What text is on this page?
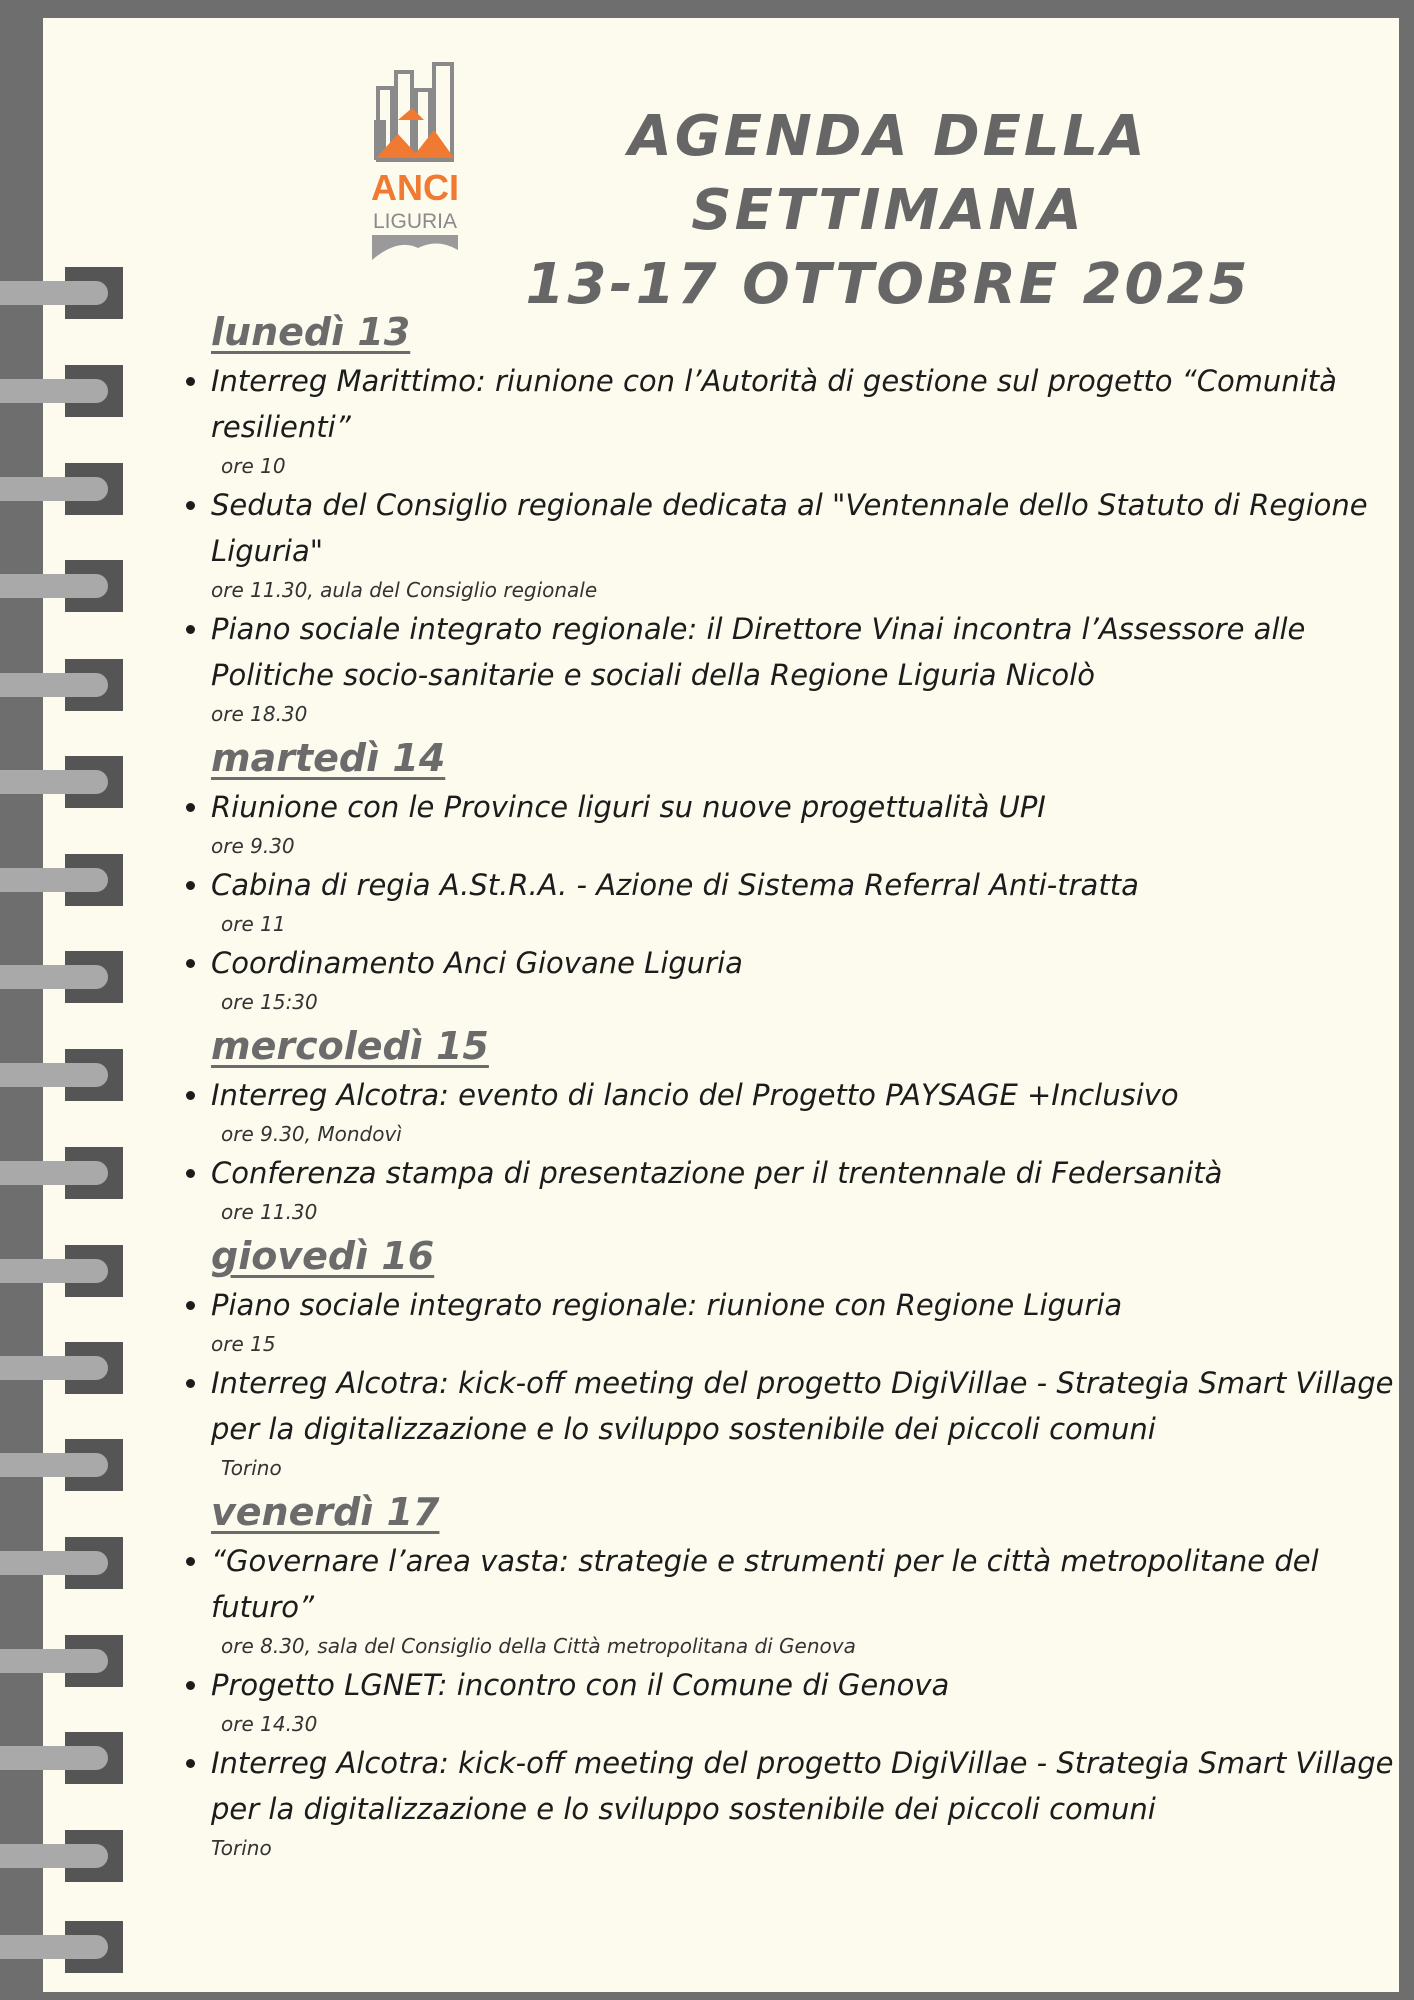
ANCI
LIGURIA
AGENDA DELLA SETTIMANA
13-17 OTTOBRE 2025
lunedì 13
• Interreg Marittimo: riunione con l’Autorità di gestione sul progetto “Comunità resilienti”
ore 10
• Seduta del Consiglio regionale dedicata al "Ventennale dello Statuto di Regione Liguria"
ore 11.30, aula del Consiglio regionale
• Piano sociale integrato regionale: il Direttore Vinai incontra l’Assessore alle Politiche socio-sanitarie e sociali della Regione Liguria Nicolò
ore 18.30
martedì 14
• Riunione con le Province liguri su nuove progettualità UPI
ore 9.30
• Cabina di regia A.St.R.A. - Azione di Sistema Referral Anti-tratta
ore 11
• Coordinamento Anci Giovane Liguria
ore 15:30
mercoledì 15
• Interreg Alcotra: evento di lancio del Progetto PAYSAGE +Inclusivo
ore 9.30, Mondovì
• Conferenza stampa di presentazione per il trentennale di Federsanità
ore 11.30
giovedì 16
• Piano sociale integrato regionale: riunione con Regione Liguria
ore 15
• Interreg Alcotra: kick-off meeting del progetto DigiVillae - Strategia Smart Village per la digitalizzazione e lo sviluppo sostenibile dei piccoli comuni
Torino
venerdì 17
• “Governare l’area vasta: strategie e strumenti per le città metropolitane del futuro”
ore 8.30, sala del Consiglio della Città metropolitana di Genova
• Progetto LGNET: incontro con il Comune di Genova
ore 14.30
• Interreg Alcotra: kick-off meeting del progetto DigiVillae - Strategia Smart Village per la digitalizzazione e lo sviluppo sostenibile dei piccoli comuni
Torino
